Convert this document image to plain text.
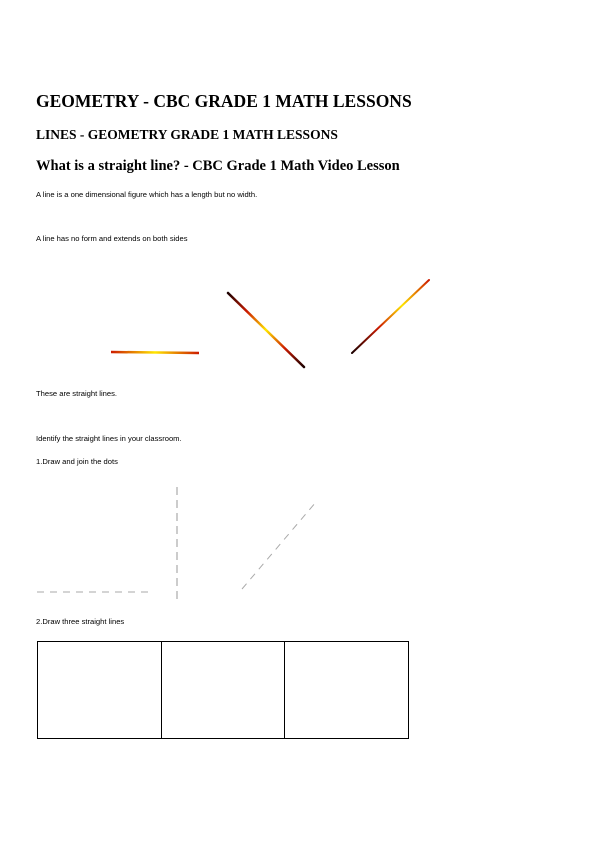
GEOMETRY - CBC GRADE 1 MATH LESSONS
LINES - GEOMETRY GRADE 1 MATH LESSONS
What is a straight line? - CBC Grade 1 Math Video Lesson

A line is a one dimensional figure which has a length but no width.

A line has no form and extends on both sides

These are straight lines.

Identify the straight lines in your classroom.

1.Draw and join the dots

2.Draw three straight lines
